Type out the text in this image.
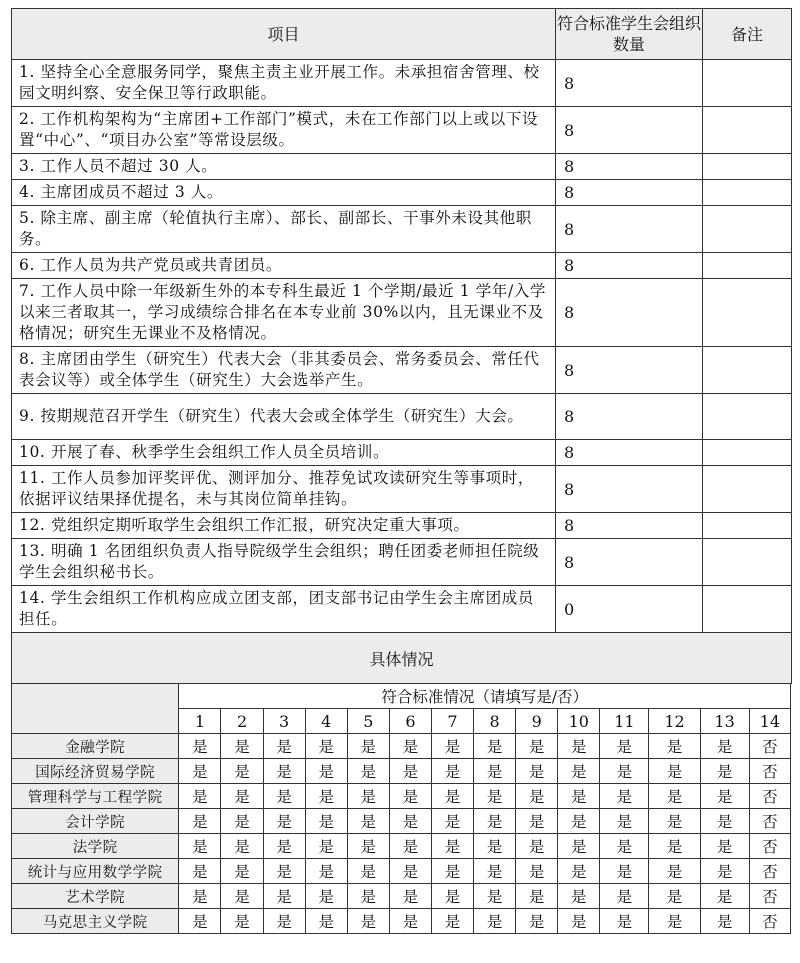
项目	符合标准学生会组织数量	备注
1. 坚持全心全意服务同学，聚焦主责主业开展工作。未承担宿舍管理、校园文明纠察、安全保卫等行政职能。	8	
2. 工作机构架构为“主席团+工作部门”模式，未在工作部门以上或以下设置“中心”、“项目办公室”等常设层级。	8	
3. 工作人员不超过 30 人。	8	
4. 主席团成员不超过 3 人。	8	
5. 除主席、副主席（轮值执行主席）、部长、副部长、干事外未设其他职务。	8	
6. 工作人员为共产党员或共青团员。	8	
7. 工作人员中除一年级新生外的本专科生最近 1 个学期/最近 1 学年/入学以来三者取其一，学习成绩综合排名在本专业前 30%以内，且无课业不及格情况；研究生无课业不及格情况。	8	
8. 主席团由学生（研究生）代表大会（非其委员会、常务委员会、常任代表会议等）或全体学生（研究生）大会选举产生。	8	
9. 按期规范召开学生（研究生）代表大会或全体学生（研究生）大会。	8	
10. 开展了春、秋季学生会组织工作人员全员培训。	8	
11. 工作人员参加评奖评优、测评加分、推荐免试攻读研究生等事项时，依据评议结果择优提名，未与其岗位简单挂钩。	8	
12. 党组织定期听取学生会组织工作汇报，研究决定重大事项。	8	
13. 明确 1 名团组织负责人指导院级学生会组织；聘任团委老师担任院级学生会组织秘书长。	8	
14. 学生会组织工作机构应成立团支部，团支部书记由学生会主席团成员担任。	0	
具体情况		
	符合标准情况（请填写是/否）													
	1	2	3	4	5	6	7	8	9	10	11	12	13	14
金融学院	是	是	是	是	是	是	是	是	是	是	是	是	是	否
国际经济贸易学院	是	是	是	是	是	是	是	是	是	是	是	是	是	否
管理科学与工程学院	是	是	是	是	是	是	是	是	是	是	是	是	是	否
会计学院	是	是	是	是	是	是	是	是	是	是	是	是	是	否
法学院	是	是	是	是	是	是	是	是	是	是	是	是	是	否
统计与应用数学学院	是	是	是	是	是	是	是	是	是	是	是	是	是	否
艺术学院	是	是	是	是	是	是	是	是	是	是	是	是	是	否
马克思主义学院	是	是	是	是	是	是	是	是	是	是	是	是	是	否
